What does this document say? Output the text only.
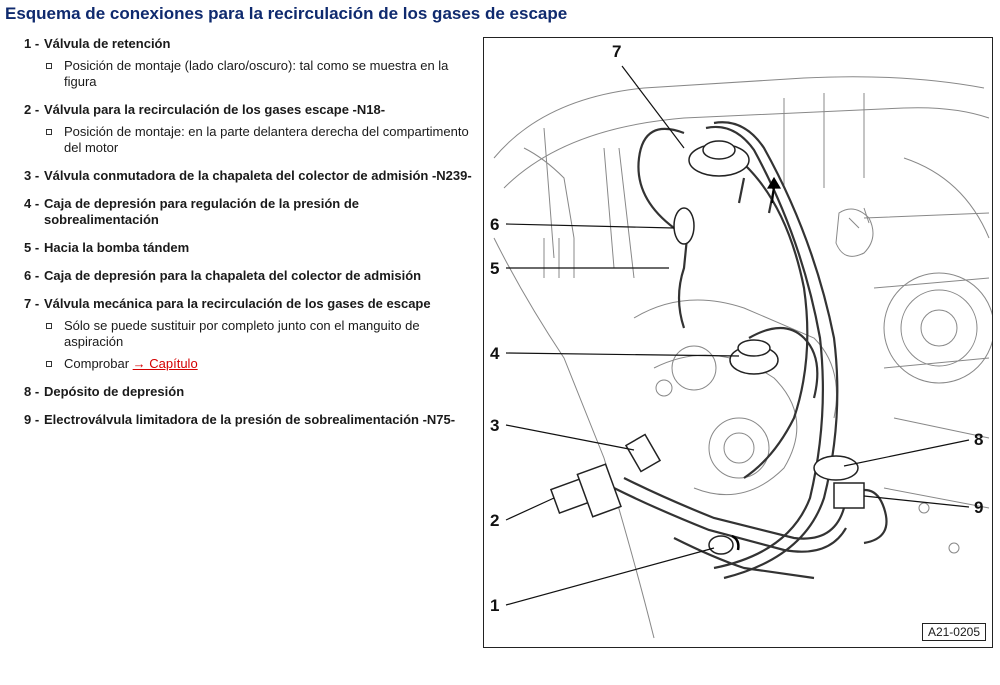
Esquema de conexiones para la recirculación de los gases de escape
1 - Válvula de retención
Posición de montaje (lado claro/oscuro): tal como se muestra en la figura
2 - Válvula para la recirculación de los gases escape -N18-
Posición de montaje: en la parte delantera derecha del compartimento del motor
3 - Válvula conmutadora de la chapaleta del colector de admisión -N239-
4 - Caja de depresión para regulación de la presión de sobrealimentación
5 - Hacia la bomba tándem
6 - Caja de depresión para la chapaleta del colector de admisión
7 - Válvula mecánica para la recirculación de los gases de escape
Sólo se puede sustituir por completo junto con el manguito de aspiración
Comprobar → Capítulo
8 - Depósito de depresión
9 - Electroválvula limitadora de la presión de sobrealimentación -N75-
7
6
5
4
3
2
1
8
9
A21-0205
